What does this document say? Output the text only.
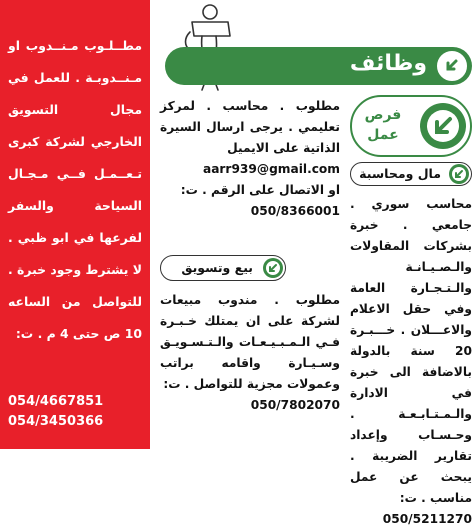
مطــلـوب مـنــدوب او مـنــدوبـة . للعمل في مجال التسويق الخارجي لشركة كبرى تـعــمـل فــي مـجـال السياحة والسفر لفرعها في ابو ظبي . لا يشترط وجود خبرة . للتواصل من الساعه 10 ص حتى 4 م . ت:
054/4667851
054/3450366
وظائف
فرص عمل
مال ومحاسبة
بيع وتسويق
مطلوب . محاسب . لمركز تعليمي . يرجى ارسال السيرة الذاتية على الايميل
aarr939@gmail.com
او الاتصال على الرقم . ت:
050/8366001
مطلوب . مندوب مبيعات لشركة على ان يمتلك خـبـرة فـي الـمـبـيـعـات والـتـسـويـق وسـيـارة واقامه براتب وعمولات مجزية للتواصل . ت:
050/7802070
محاسب سوري . جامعي . خبرة بشركات المقاولات والـصـيـانـة والـتـجـارة العامة وفي حقل الاعلام والاعـــلان . خـــبـرة 20 سنة بالدولة بالاضافة الى خبرة في الادارة والـمـتـابـعـة . وحـسـاب وإعداد تقارير الضريبة . يبحث عن عمل مناسب . ت:
050/5211270
